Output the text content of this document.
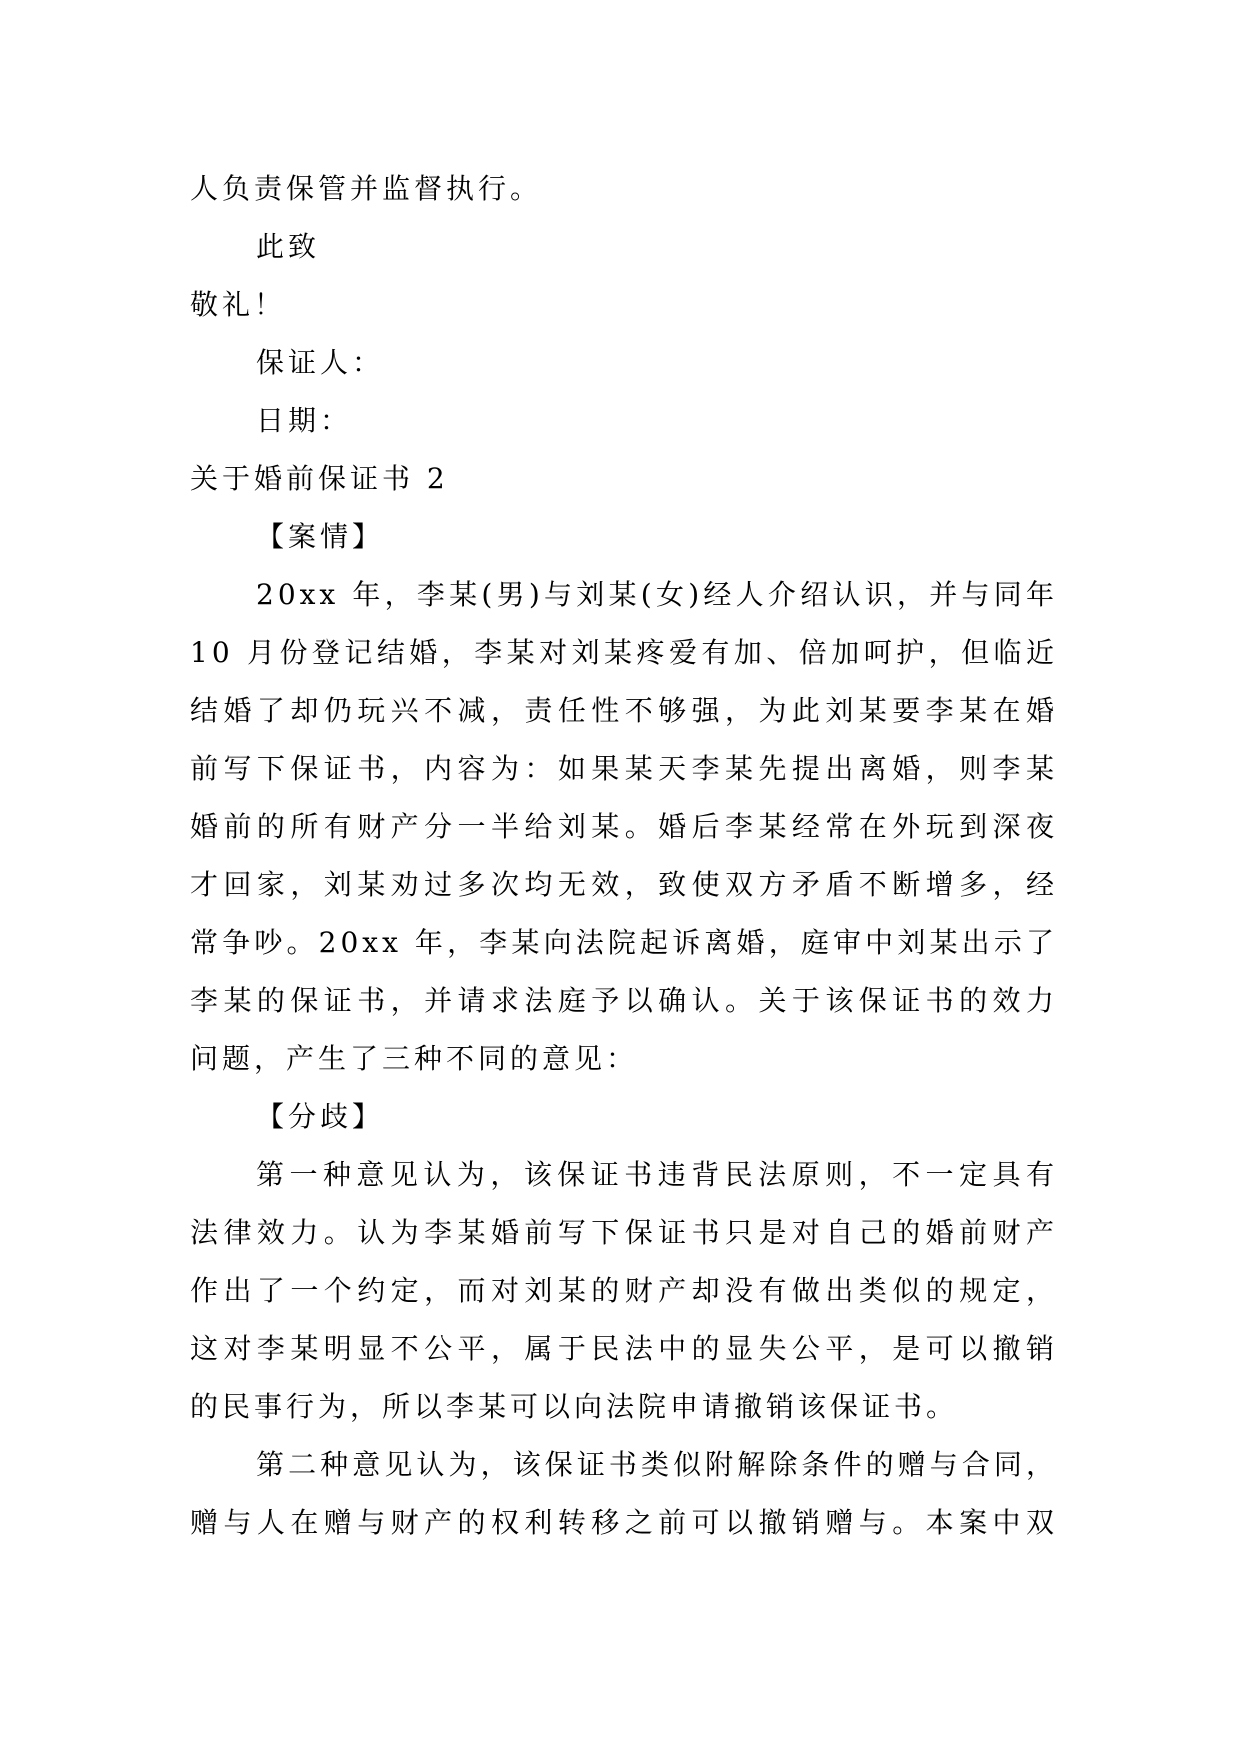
人负责保管并监督执行。
此致
敬礼！
保证人：
日期：
关于婚前保证书 2
【案情】
20xx 年，李某(男)与刘某(女)经人介绍认识，并与同年
10 月份登记结婚，李某对刘某疼爱有加、倍加呵护，但临近
结婚了却仍玩兴不减，责任性不够强，为此刘某要李某在婚
前写下保证书，内容为：如果某天李某先提出离婚，则李某
婚前的所有财产分一半给刘某。婚后李某经常在外玩到深夜
才回家，刘某劝过多次均无效，致使双方矛盾不断增多，经
常争吵。20xx 年，李某向法院起诉离婚，庭审中刘某出示了
李某的保证书，并请求法庭予以确认。关于该保证书的效力
问题，产生了三种不同的意见：
【分歧】
第一种意见认为，该保证书违背民法原则，不一定具有
法律效力。认为李某婚前写下保证书只是对自己的婚前财产
作出了一个约定，而对刘某的财产却没有做出类似的规定，
这对李某明显不公平，属于民法中的显失公平，是可以撤销
的民事行为，所以李某可以向法院申请撤销该保证书。
第二种意见认为，该保证书类似附解除条件的赠与合同，
赠与人在赠与财产的权利转移之前可以撤销赠与。本案中双
